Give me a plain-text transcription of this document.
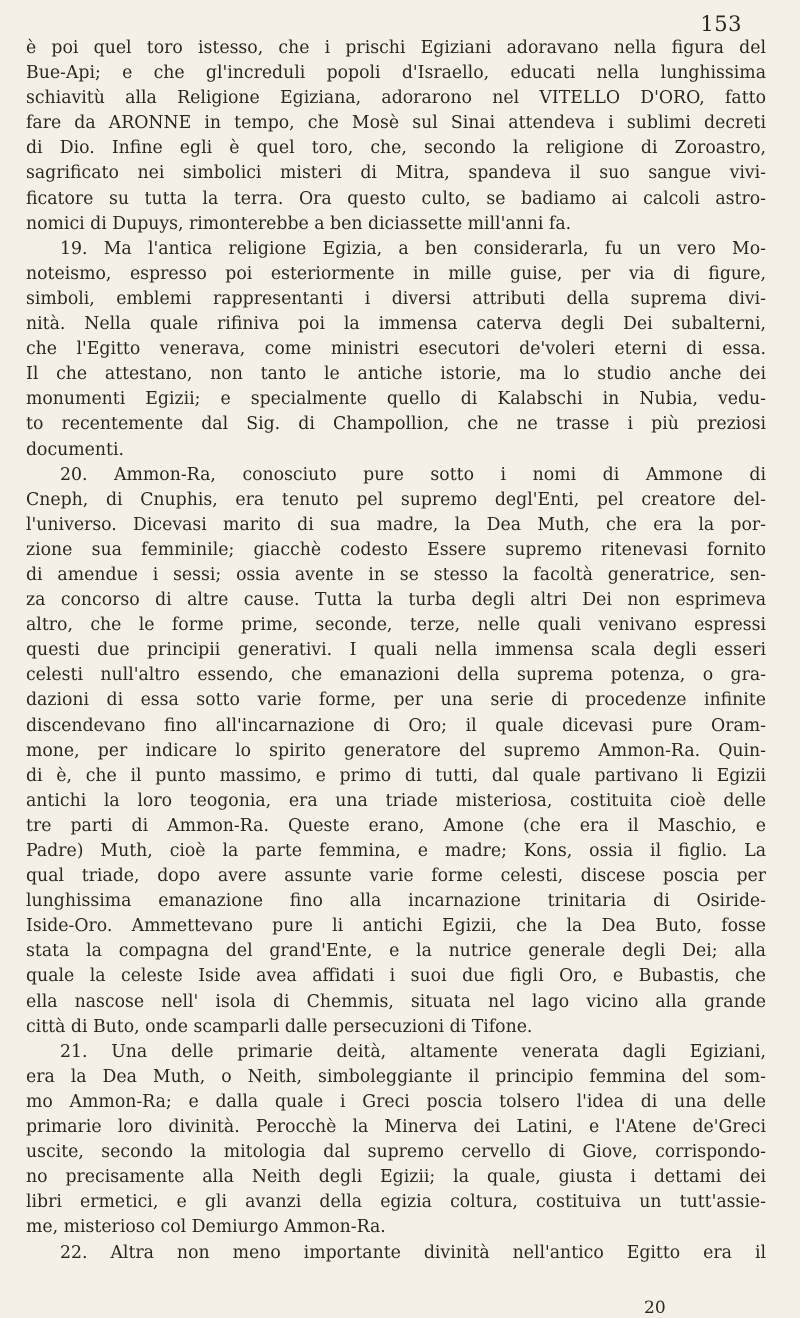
153
è poi quel toro istesso, che i prischi Egiziani adoravano nella figura del
Bue-Api; e che gl'increduli popoli d'Israello, educati nella lunghissima
schiavitù alla Religione Egiziana, adorarono nel VITELLO D'ORO, fatto
fare da ARONNE in tempo, che Mosè sul Sinai attendeva i sublimi decreti
di Dio. Infine egli è quel toro, che, secondo la religione di Zoroastro,
sagrificato nei simbolici misteri di Mitra, spandeva il suo sangue vivi-
ficatore su tutta la terra. Ora questo culto, se badiamo ai calcoli astro-
nomici di Dupuys, rimonterebbe a ben diciassette mill'anni fa.
19. Ma l'antica religione Egizia, a ben considerarla, fu un vero Mo-
noteismo, espresso poi esteriormente in mille guise, per via di figure,
simboli, emblemi rappresentanti i diversi attributi della suprema divi-
nità. Nella quale rifiniva poi la immensa caterva degli Dei subalterni,
che l'Egitto venerava, come ministri esecutori de'voleri eterni di essa.
Il che attestano, non tanto le antiche istorie, ma lo studio anche dei
monumenti Egizii; e specialmente quello di Kalabschi in Nubia, vedu-
to recentemente dal Sig. di Champollion, che ne trasse i più preziosi
documenti.
20. Ammon-Ra, conosciuto pure sotto i nomi di Ammone di
Cneph, di Cnuphis, era tenuto pel supremo degl'Enti, pel creatore del-
l'universo. Dicevasi marito di sua madre, la Dea Muth, che era la por-
zione sua femminile; giacchè codesto Essere supremo ritenevasi fornito
di amendue i sessi; ossia avente in se stesso la facoltà generatrice, sen-
za concorso di altre cause. Tutta la turba degli altri Dei non esprimeva
altro, che le forme prime, seconde, terze, nelle quali venivano espressi
questi due principii generativi. I quali nella immensa scala degli esseri
celesti null'altro essendo, che emanazioni della suprema potenza, o gra-
dazioni di essa sotto varie forme, per una serie di procedenze infinite
discendevano fino all'incarnazione di Oro; il quale dicevasi pure Oram-
mone, per indicare lo spirito generatore del supremo Ammon-Ra. Quin-
di è, che il punto massimo, e primo di tutti, dal quale partivano li Egizii
antichi la loro teogonia, era una triade misteriosa, costituita cioè delle
tre parti di Ammon-Ra. Queste erano, Amone (che era il Maschio, e
Padre) Muth, cioè la parte femmina, e madre; Kons, ossia il figlio. La
qual triade, dopo avere assunte varie forme celesti, discese poscia per
lunghissima emanazione fino alla incarnazione trinitaria di Osiride-
Iside-Oro. Ammettevano pure li antichi Egizii, che la Dea Buto, fosse
stata la compagna del grand'Ente, e la nutrice generale degli Dei; alla
quale la celeste Iside avea affidati i suoi due figli Oro, e Bubastis, che
ella nascose nell' isola di Chemmis, situata nel lago vicino alla grande
città di Buto, onde scamparli dalle persecuzioni di Tifone.
21. Una delle primarie deità, altamente venerata dagli Egiziani,
era la Dea Muth, o Neith, simboleggiante il principio femmina del som-
mo Ammon-Ra; e dalla quale i Greci poscia tolsero l'idea di una delle
primarie loro divinità. Perocchè la Minerva dei Latini, e l'Atene de'Greci
uscite, secondo la mitologia dal supremo cervello di Giove, corrispondo-
no precisamente alla Neith degli Egizii; la quale, giusta i dettami dei
libri ermetici, e gli avanzi della egizia coltura, costituiva un tutt'assie-
me, misterioso col Demiurgo Ammon-Ra.
22. Altra non meno importante divinità nell'antico Egitto era il
20
